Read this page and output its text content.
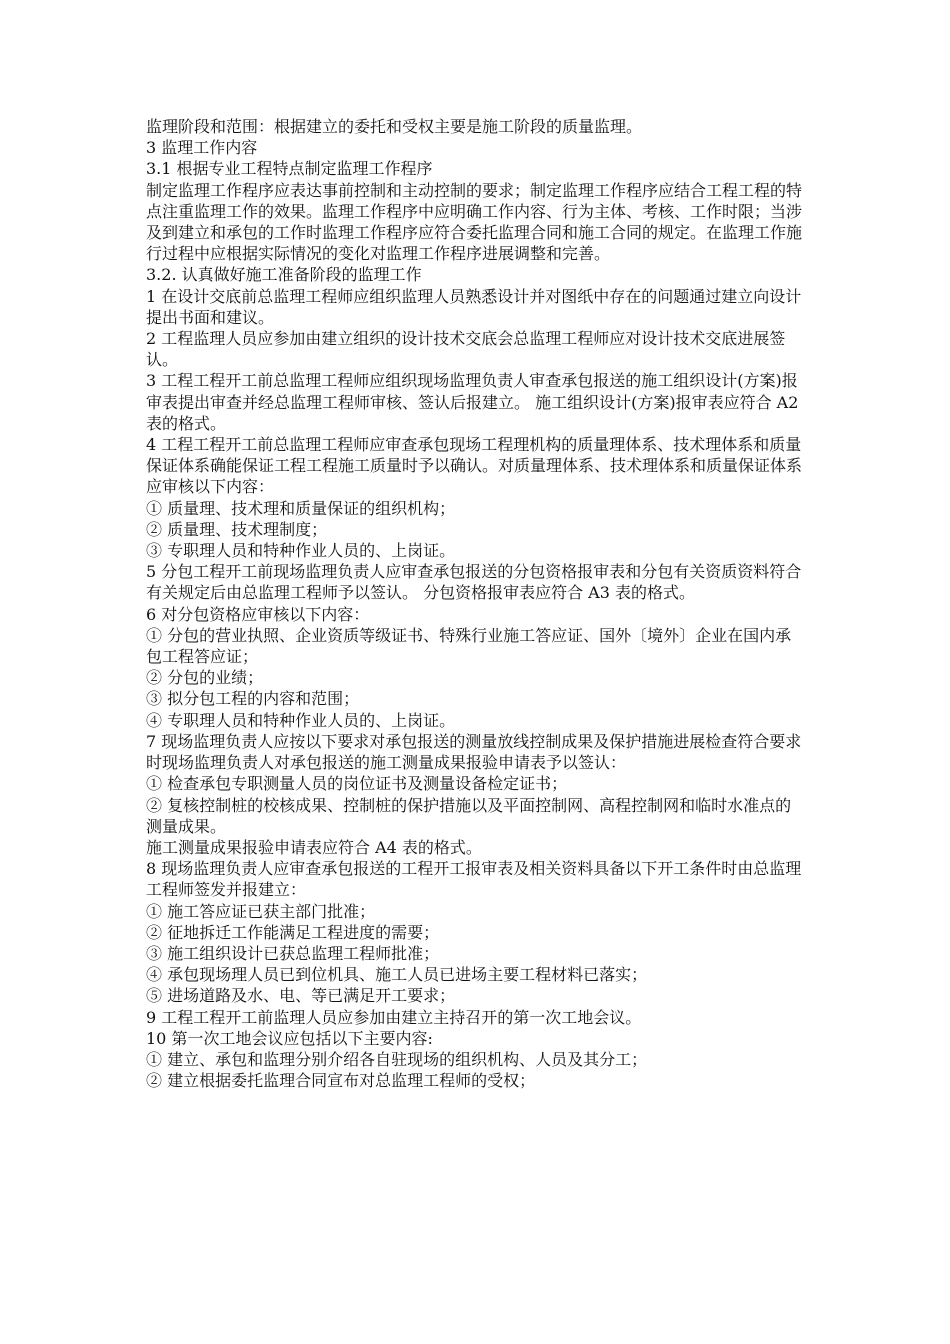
监理阶段和范围：根据建立的委托和受权主要是施工阶段的质量监理。

3 监理工作内容

3.1 根据专业工程特点制定监理工作程序

制定监理工作程序应表达事前控制和主动控制的要求；制定监理工作程序应结合工程工程的特点注重监理工作的效果。监理工作程序中应明确工作内容、行为主体、考核、工作时限；当涉及到建立和承包的工作时监理工作程序应符合委托监理合同和施工合同的规定。在监理工作施行过程中应根据实际情况的变化对监理工作程序进展调整和完善。

3.2. 认真做好施工准备阶段的监理工作

1 在设计交底前总监理工程师应组织监理人员熟悉设计并对图纸中存在的问题通过建立向设计提出书面和建议。

2 工程监理人员应参加由建立组织的设计技术交底会总监理工程师应对设计技术交底进展签认。

3 工程工程开工前总监理工程师应组织现场监理负责人审查承包报送的施工组织设计(方案)报审表提出审查并经总监理工程师审核、签认后报建立。 施工组织设计(方案)报审表应符合 A2 表的格式。

4 工程工程开工前总监理工程师应审查承包现场工程理机构的质量理体系、技术理体系和质量保证体系确能保证工程工程施工质量时予以确认。对质量理体系、技术理体系和质量保证体系应审核以下内容：

① 质量理、技术理和质量保证的组织机构；

② 质量理、技术理制度；

③ 专职理人员和特种作业人员的、上岗证。

5 分包工程开工前现场监理负责人应审查承包报送的分包资格报审表和分包有关资质资料符合有关规定后由总监理工程师予以签认。 分包资格报审表应符合 A3 表的格式。

6 对分包资格应审核以下内容：

① 分包的营业执照、企业资质等级证书、特殊行业施工答应证、国外〔境外〕企业在国内承包工程答应证；

② 分包的业绩；

③ 拟分包工程的内容和范围；

④ 专职理人员和特种作业人员的、上岗证。

7 现场监理负责人应按以下要求对承包报送的测量放线控制成果及保护措施进展检查符合要求时现场监理负责人对承包报送的施工测量成果报验申请表予以签认：

① 检查承包专职测量人员的岗位证书及测量设备检定证书；

② 复核控制桩的校核成果、控制桩的保护措施以及平面控制网、高程控制网和临时水准点的测量成果。

施工测量成果报验申请表应符合 A4 表的格式。

8 现场监理负责人应审查承包报送的工程开工报审表及相关资料具备以下开工条件时由总监理工程师签发并报建立：

① 施工答应证已获主部门批准；

② 征地拆迁工作能满足工程进度的需要；

③ 施工组织设计已获总监理工程师批准；

④ 承包现场理人员已到位机具、施工人员已进场主要工程材料已落实；

⑤ 进场道路及水、电、等已满足开工要求；

9 工程工程开工前监理人员应参加由建立主持召开的第一次工地会议。

10 第一次工地会议应包括以下主要内容:

① 建立、承包和监理分别介绍各自驻现场的组织机构、人员及其分工；

② 建立根据委托监理合同宣布对总监理工程师的受权；
